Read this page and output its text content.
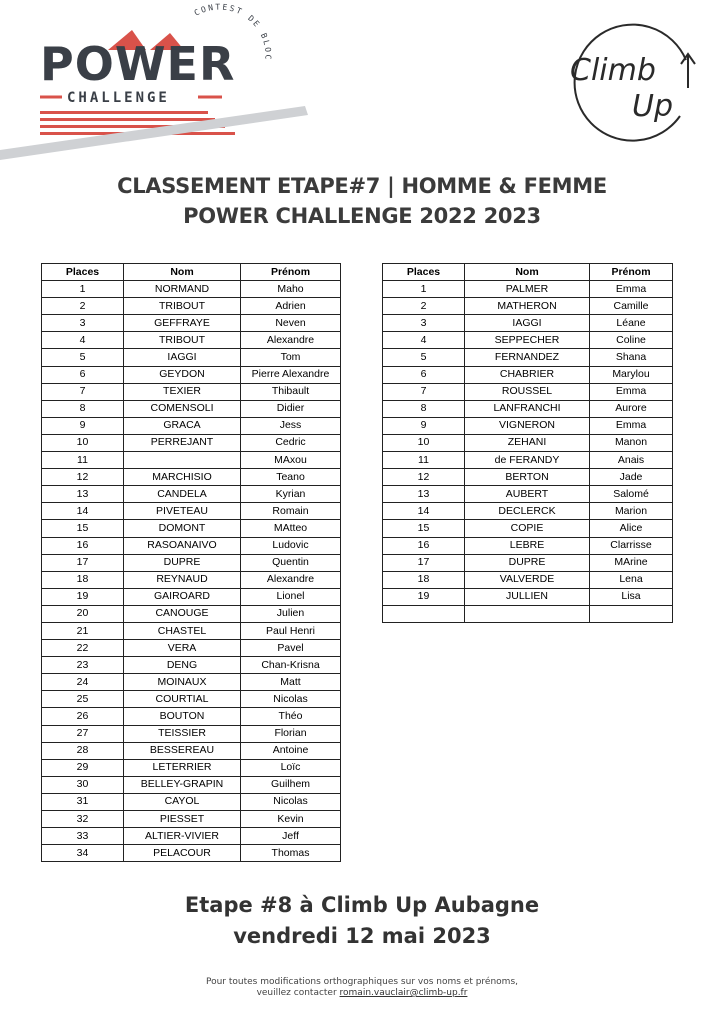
POWER
CHALLENGE
CONTEST DE BLOC	Climb
Up
CLASSEMENT ETAPE#7 | HOMME & FEMME
POWER CHALLENGE 2022 2023
Places	Nom	Prénom
1	NORMAND	Maho
2	TRIBOUT	Adrien
3	GEFFRAYE	Neven
4	TRIBOUT	Alexandre
5	IAGGI	Tom
6	GEYDON	Pierre Alexandre
7	TEXIER	Thibault
8	COMENSOLI	Didier
9	GRACA	Jess
10	PERREJANT	Cedric
11		MAxou
12	MARCHISIO	Teano
13	CANDELA	Kyrian
14	PIVETEAU	Romain
15	DOMONT	MAtteo
16	RASOANAIVO	Ludovic
17	DUPRE	Quentin
18	REYNAUD	Alexandre
19	GAIROARD	Lionel
20	CANOUGE	Julien
21	CHASTEL	Paul Henri
22	VERA	Pavel
23	DENG	Chan-Krisna
24	MOINAUX	Matt
25	COURTIAL	Nicolas
26	BOUTON	Théo
27	TEISSIER	Florian
28	BESSEREAU	Antoine
29	LETERRIER	Loïc
30	BELLEY-GRAPIN	Guilhem
31	CAYOL	Nicolas
32	PIESSET	Kevin
33	ALTIER-VIVIER	Jeff
34	PELACOUR	Thomas
Places	Nom	Prénom
1	PALMER	Emma
2	MATHERON	Camille
3	IAGGI	Léane
4	SEPPECHER	Coline
5	FERNANDEZ	Shana
6	CHABRIER	Marylou
7	ROUSSEL	Emma
8	LANFRANCHI	Aurore
9	VIGNERON	Emma
10	ZEHANI	Manon
11	de FERANDY	Anais
12	BERTON	Jade
13	AUBERT	Salomé
14	DECLERCK	Marion
15	COPIE	Alice
16	LEBRE	Clarrisse
17	DUPRE	MArine
18	VALVERDE	Lena
19	JULLIEN	Lisa

Etape #8 à Climb Up Aubagne

vendredi 12 mai 2023

Pour toutes modifications orthographiques sur vos noms et prénoms,
veuillez contacter romain.vauclair@climb-up.fr
